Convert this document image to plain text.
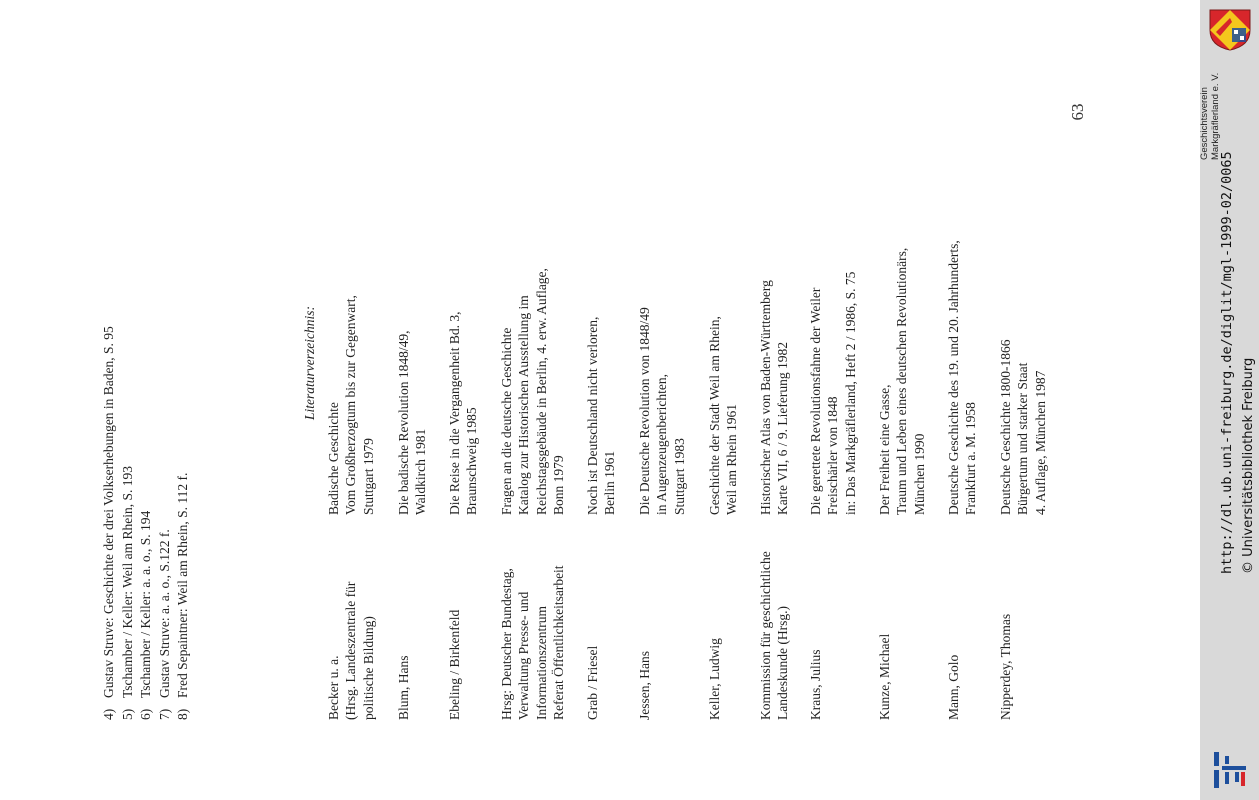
63
4)Gustav Struve: Geschichte der drei Volkserhebungen in Baden, S. 95
5)Tschamber / Keller: Weil am Rhein, S. 193
6)Tschamber / Keller: a. a. o., S. 194
7)Gustav Struve: a. a. o., S.122 f.
8)Fred Sepaintner: Weil am Rhein, S. 112 f.
Literaturverzeichnis:
Becker u. a. (Hrsg. Landeszentrale für politische Bildung)
Badische Geschichte Vom Großherzogtum bis zur Gegenwart, Stuttgart 1979
Blum, Hans
Die badische Revolution 1848/49, Waldkirch 1981
Ebeling / Birkenfeld
Die Reise in die Vergangenheit Bd. 3, Braunschweig 1985
Hrsg: Deutscher Bundestag, Verwaltung Presse- und Informationszentrum Referat Öffentlichkeitsarbeit
Fragen an die deutsche Geschichte Katalog zur Historischen Ausstellung im Reichstagsgebäude in Berlin, 4. erw. Auflage, Bonn 1979
Grab / Friesel
Noch ist Deutschland nicht verloren, Berlin 1961
Jessen, Hans
Die Deutsche Revolution von 1848/49 in Augenzeugenberichten, Stuttgart 1983
Keller, Ludwig
Geschichte der Stadt Weil am Rhein, Weil am Rhein 1961
Kommission für geschichtliche Landeskunde (Hrsg.)
Historischer Atlas von Baden-Württemberg Karte VII, 6 / 9. Lieferung 1982
Kraus, Julius
Die gerettete Revolutionsfahne der Weiler Freischärler von 1848 in: Das Markgräflerland, Heft 2 / 1986, S. 75
Kunze, Michael
Der Freiheit eine Gasse, Traum und Leben eines deutschen Revolutionärs, München 1990
Mann, Golo
Deutsche Geschichte des 19. und 20. Jahrhunderts, Frankfurt a. M. 1958
Nipperdey, Thomas
Deutsche Geschichte 1800-1866 Bürgertum und starker Staat 4. Auflage, München 1987
Geschichtsverein Markgräflerland e. V.
http://dl.ub.uni-freiburg.de/diglit/mgl-1999-02/0065 © Universitätsbibliothek Freiburg
